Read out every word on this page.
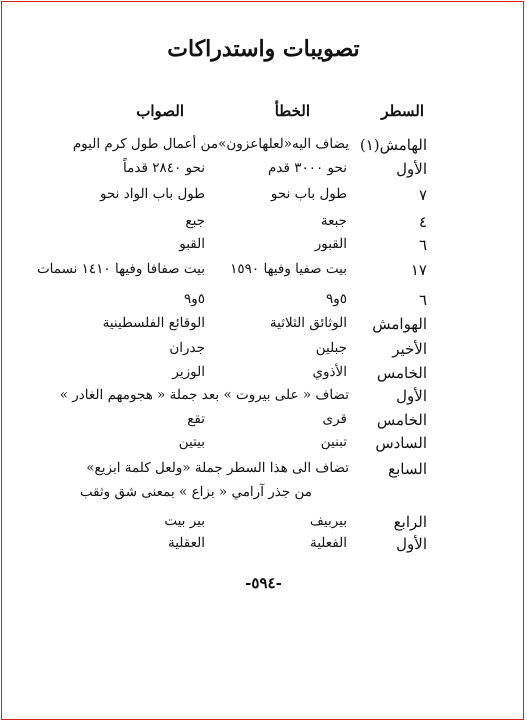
تصويبات واستدراكات
السطر
الخطأ
الصواب
الهامش(١)
يضاف اليه«لعلهاعزون»من أعمال طول كرم اليوم
الأول
نحو ٣٠٠٠ قدم
نحو ٢٨٤٠ قدماً
٧
طول باب نحو
طول باب الواد نحو
٤
جبعة
جبع
٦
القبور
القبو
١٧
بيت صفيا وفيها ١٥٩٠
بيت صفافا وفيها ١٤١٠ نسمات
٦
٥و٩
٥و٩
الهوامش
الوثائق الثلاثية
الوقائع الفلسطينية
الأخير
جبلين
جدران
الخامس
الأذوي
الوزير
الأول
تضاف « على بيروت » بعد جملة « هجومهم الغادر »
الخامس
قرى
تقع
السادس
تبنين
بيتين
السابع
تضاف الى هذا السطر جملة «ولعل كلمة ابزيع»
من جذر آرامي « بزاع » بمعنى شق وثقب
الرابع
بيربيف
بير بيت
الأول
الفعلية
العقلية
-٥٩٤-
